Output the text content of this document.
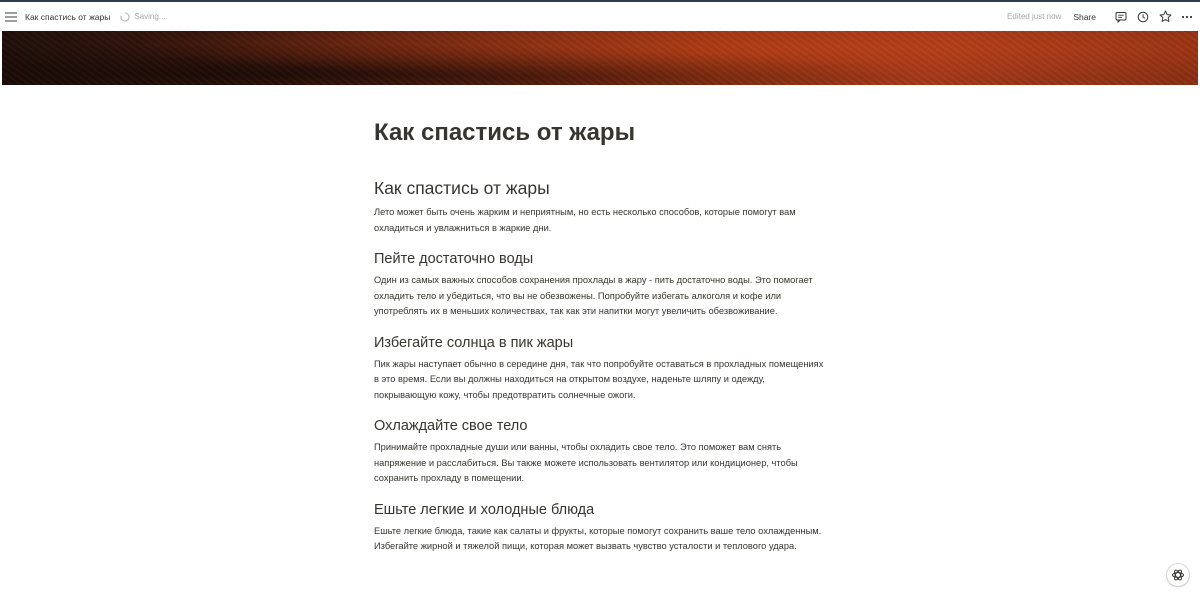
Как спастись от жары	Saving...	Edited just now Share
Как спастись от жары
Как спастись от жары

Лето может быть очень жарким и неприятным, но есть несколько способов, которые помогут вам охладиться и увлажниться в жаркие дни.

Пейте достаточно воды

Один из самых важных способов сохранения прохлады в жару - пить достаточно воды. Это помогает охладить тело и убедиться, что вы не обезвожены. Попробуйте избегать алкоголя и кофе или употреблять их в меньших количествах, так как эти напитки могут увеличить обезвоживание.

Избегайте солнца в пик жары

Пик жары наступает обычно в середине дня, так что попробуйте оставаться в прохладных помещениях в это время. Если вы должны находиться на открытом воздухе, наденьте шляпу и одежду, покрывающую кожу, чтобы предотвратить солнечные ожоги.

Охлаждайте свое тело

Принимайте прохладные души или ванны, чтобы охладить свое тело. Это поможет вам снять напряжение и расслабиться. Вы также можете использовать вентилятор или кондиционер, чтобы сохранить прохладу в помещении.

Ешьте легкие и холодные блюда

Ешьте легкие блюда, такие как салаты и фрукты, которые помогут сохранить ваше тело охлажденным. Избегайте жирной и тяжелой пищи, которая может вызвать чувство усталости и теплового удара.
